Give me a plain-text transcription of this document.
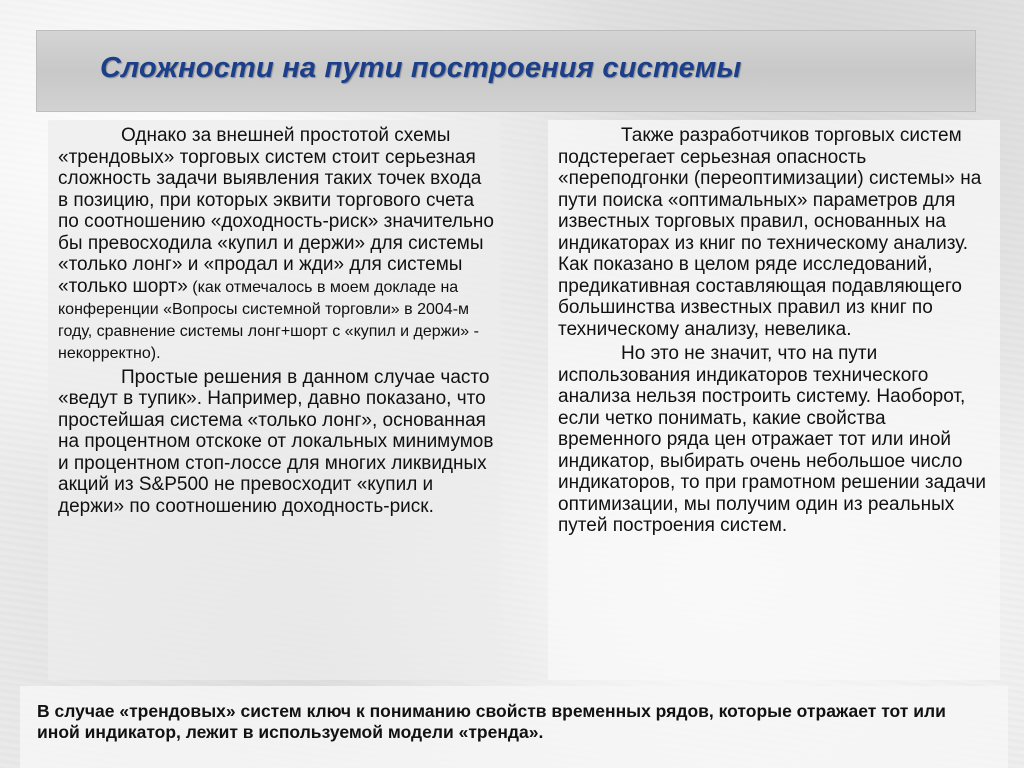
Сложности на пути построения системы

Однако за внешней простотой схемы «трендовых» торговых систем стоит серьезная сложность задачи выявления таких точек входа в позицию, при которых эквити торгового счета по соотношению «доходность-риск» значительно бы превосходила «купил и держи» для системы «только лонг» и «продал и жди» для системы «только шорт» (как отмечалось в моем докладе на конференции «Вопросы системной торговли» в 2004-м году, сравнение системы лонг+шорт с «купил и держи» - некорректно).

Простые решения в данном случае часто «ведут в тупик». Например, давно показано, что простейшая система «только лонг», основанная на процентном отскоке от локальных минимумов и процентном стоп-лоссе для многих ликвидных акций из S&P500 не превосходит «купил и держи» по соотношению доходность-риск.

Также разработчиков торговых систем подстерегает серьезная опасность «переподгонки (переоптимизации) системы» на пути поиска «оптимальных» параметров для известных торговых правил, основанных на индикаторах из книг по техническому анализу. Как показано в целом ряде исследований, предикативная составляющая подавляющего большинства известных правил из книг по техническому анализу, невелика.

Но это не значит, что на пути использования индикаторов технического анализа нельзя построить систему. Наоборот, если четко понимать, какие свойства временного ряда цен отражает тот или иной индикатор, выбирать очень небольшое число индикаторов, то при грамотном решении задачи оптимизации, мы получим один из реальных путей построения систем.

В случае «трендовых» систем ключ к пониманию свойств временных рядов, которые отражает тот или иной индикатор, лежит в используемой модели «тренда».
